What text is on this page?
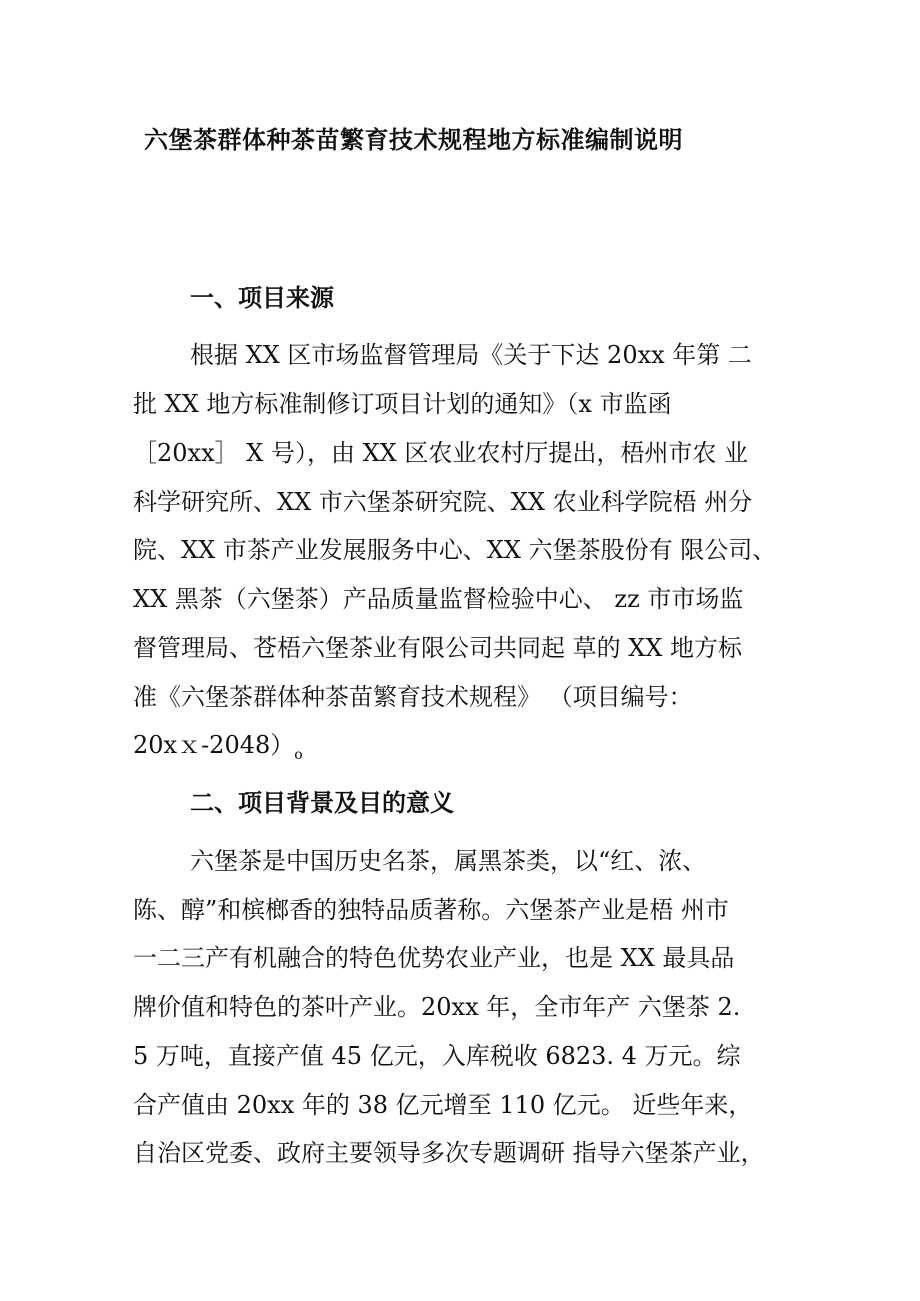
六堡茶群体种茶苗繁育技术规程地方标准编制说明
一、项目来源
根据 XX 区市场监督管理局《关于下达 20xx 年第 二
批 XX 地方标准制修订项目计划的通知》（x 市监函
［20xx］ X 号），由 XX 区农业农村厅提出，梧州市农 业
科学研究所、XX 市六堡茶研究院、XX 农业科学院梧 州分
院、XX 市茶产业发展服务中心、XX 六堡茶股份有 限公司、
XX 黑茶（六堡茶）产品质量监督检验中心、 zz 市市场监
督管理局、苍梧六堡茶业有限公司共同起 草的 XX 地方标
准《六堡茶群体种茶苗繁育技术规程》 （项目编号：
$20xx-2048)_o$
二、项目背景及目的意义
六堡茶是中国历史名茶，属黑茶类，以“红、浓、
陈、醇”和槟榔香的独特品质著称。六堡茶产业是梧 州市
一二三产有机融合的特色优势农业产业，也是 XX 最具品
牌价值和特色的茶叶产业。20xx 年，全市年产 六堡茶 2.
5 万吨，直接产值 45 亿元，入库税收 6823. 4 万元。综
合产值由 20xx 年的 38 亿元增至 110 亿元。 近些年来，
自治区党委、政府主要领导多次专题调研 指导六堡茶产业，
